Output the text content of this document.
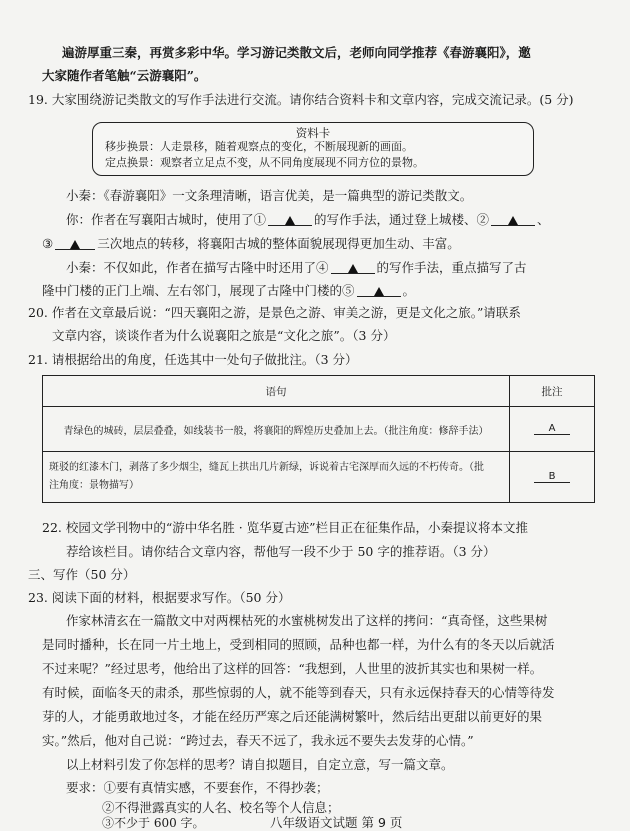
遍游厚重三秦，再赏多彩中华。学习游记类散文后，老师向同学推荐《春游襄阳》，邀
大家随作者笔触“云游襄阳”。
19. 大家围绕游记类散文的写作手法进行交流。请你结合资料卡和文章内容，完成交流记录。(5 分)
资料卡
移步换景：人走景移，随着观察点的变化，不断展现新的画面。
定点换景：观察者立足点不变，从不同角度展现不同方位的景物。
小秦：《春游襄阳》一文条理清晰，语言优美，是一篇典型的游记类散文。
你：作者在写襄阳古城时，使用了①	的写作手法，通过登上城楼、②	、
③	三次地点的转移，将襄阳古城的整体面貌展现得更加生动、丰富。
小秦：不仅如此，作者在描写古隆中时还用了④	的写作手法，重点描写了古
隆中门楼的正门上端、左右邻门，展现了古隆中门楼的⑤	。
20. 作者在文章最后说：“四天襄阳之游，是景色之游、审美之游，更是文化之旅。”请联系
文章内容，谈谈作者为什么说襄阳之旅是“文化之旅”。（3 分）
21. 请根据给出的角度，任选其中一处句子做批注。（3 分）
语句	批注
青绿色的城砖，层层叠叠，如线装书一般，将襄阳的辉煌历史叠加上去。（批注角度：修辞手法）	A

斑驳的红漆木门，剥落了多少烟尘，缝瓦上拱出几片新绿，诉说着古宅深厚而久远的不朽传奇。（批
注角度：景物描写）	B
22. 校园文学刊物中的“游中华名胜 · 览华夏古迹”栏目正在征集作品，小秦提议将本文推
荐给该栏目。请你结合文章内容，帮他写一段不少于 50 字的推荐语。（3 分）
三、写作（50 分）
23. 阅读下面的材料，根据要求写作。（50 分）
作家林清玄在一篇散文中对两棵枯死的水蜜桃树发出了这样的拷问：“真奇怪，这些果树
是同时播种，长在同一片土地上，受到相同的照顾，品种也都一样，为什么有的冬天以后就活
不过来呢？”经过思考，他给出了这样的回答：“我想到，人世里的波折其实也和果树一样。
有时候，面临冬天的肃杀，那些惊弱的人，就不能等到春天，只有永远保持春天的心情等待发
芽的人，才能勇敢地过冬，才能在经历严寒之后还能满树繁叶，然后结出更甜以前更好的果
实。”然后，他对自己说：“跨过去，春天不远了，我永远不要失去发芽的心情。”
以上材料引发了你怎样的思考？请自拟题目，自定立意，写一篇文章。
要求：①要有真情实感，不要套作，不得抄袭；
②不得泄露真实的人名、校名等个人信息；
八年级语文试题 第 9 页
③不少于 600 字。
